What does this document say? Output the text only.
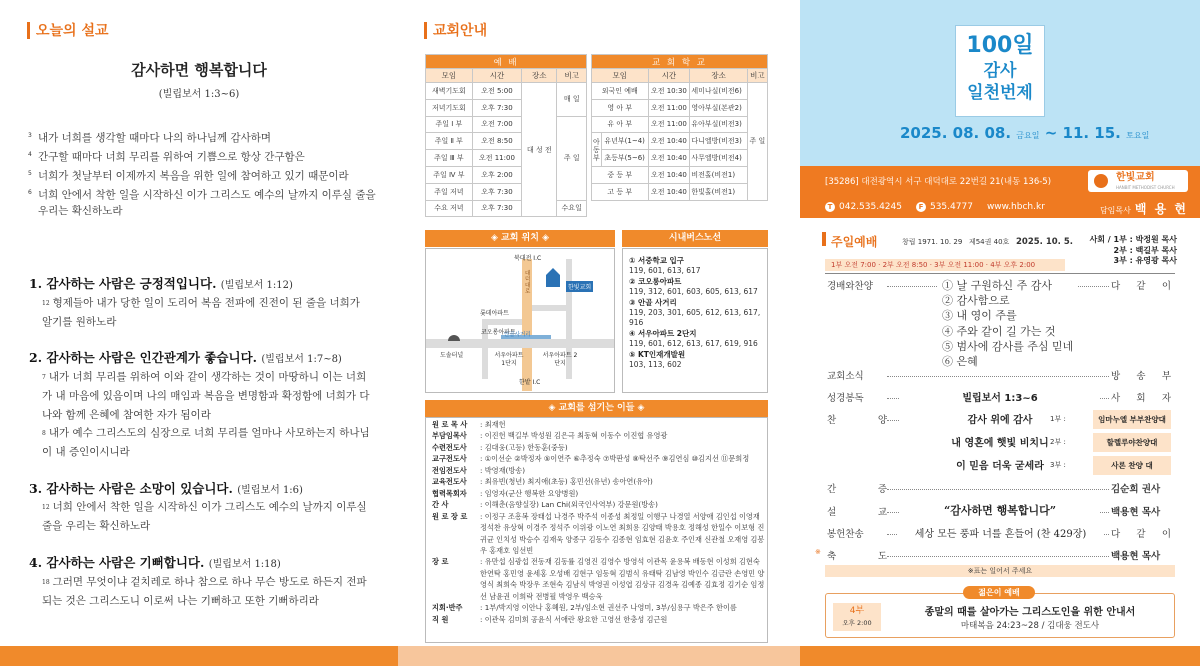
오늘의 설교
감사하면 행복합니다
(빌립보서 1:3~6)
3 내가 너희를 생각할 때마다 나의 하나님께 감사하며
4 간구할 때마다 너희 무리를 위하여 기쁨으로 항상 간구함은
5 너희가 첫날부터 이제까지 복음을 위한 일에 참여하고 있기 때문이라
6 너희 안에서 착한 일을 시작하신 이가 그리스도 예수의 날까지 이루실 줄을 우리는 확신하노라
1. 감사하는 사람은 긍정적입니다. (빌립보서 1:12)
$^{12}$ 형제들아 내가 당한 일이 도리어 복음 전파에 진전이 된 줄을 너희가 알기를 원하노라
2. 감사하는 사람은 인간관계가 좋습니다. (빌립보서 1:7~8)
$^7$ 내가 너희 무리를 위하여 이와 같이 생각하는 것이 마땅하니 이는 너희가 내 마음에 있음이며 나의 매임과 복음을 변명함과 확정함에 너희가 다 나와 함께 은혜에 참여한 자가 됨이라
$^8$ 내가 예수 그리스도의 심장으로 너희 무리를 얼마나 사모하는지 하나님이 내 증인이시니라
3. 감사하는 사람은 소망이 있습니다. (빌립보서 1:6)
$^{12}$ 너희 안에서 착한 일을 시작하신 이가 그리스도 예수의 날까지 이루실 줄을 우리는 확신하노라
4. 감사하는 사람은 기뻐합니다. (빌립보서 1:18)
$^{18}$ 그러면 무엇이냐 겉치레로 하나 참으로 하나 무슨 방도로 하든지 전파되는 것은 그리스도니 이로써 나는 기뻐하고 또한 기뻐하리라
교회안내
예 배			
모임	시간	장소	비고
새벽기도회	오전 5:00	대 성 전	매 일
저녁기도회	오후 7:30		
주일 Ⅰ 부	오전 7:00		주 일
주일 Ⅱ 부	오전 8:50		
주일 Ⅲ 부	오전 11:00		
주일 Ⅳ 부	오후 2:00		
주일 저녁	오후 7:30		
수요 저녁	오후 7:30		수요일
교 회 학 교				
모임		시간	장소	비고
외국인 예배		오전 10:30	세미나실(비전6)	주 일
영 아 부		오전 11:00	영아부실(본관2)	
유 아 부		오전 11:00	유아부실(비전3)	
아동부	유년부(1~4)	오전 10:40	다니엘방(비전3)	
	초등부(5~6)	오전 10:40	사무엘방(비전4)	
중 등 부		오전 10:40	비전홀(비전1)	
고 등 부		오전 10:40	한빛홀(비전1)	
◈ 교회 위치 ◈
북대전 I.C
대덕대로
한빛교회
롯데아파트
코오롱아파트
안골사거리
도솔터널	서우아파트 1단지
서우아파트 2단지
한밭 I.C
시내버스노선
① 서중학교 입구
119, 601, 613, 617
② 코오롱아파트
119, 312, 601, 603, 605, 613, 617
③ 안골 사거리
119, 203, 301, 605, 612, 613, 617, 916
④ 서우아파트 2단지
119, 601, 612, 613, 617, 619, 916
⑤ KT인재개발원
103, 113, 602
◈ 교회를 섬기는 이들 ◈
원 로 목 사	: 최재헌
부담임목사	: 이진헌 백길부 박성원 김은극 최동혁 이동수 이진협 유영광
수련전도사	: 김대웅(고등) 한동훈(중등)
교구전도사	: ①이선순 ②박정자 ⑤이연주 ⑥추정숙 ⑦박판성 ⑧탁선주 ⑨김연심 ⑩김지선 ⑪문희정
전임전도사	: 박영재(방송)
교육전도사	: 최유빈(청년) 최지애(초등) 홍민선(유년) 송아연(유아)
협력목회자	: 임영자(군산 행복한 요양병원)
간 사	: 이해춘(음향실장) Lan Chi(외국인사역부) 강문원(방송)
원 로 장 로	: 이정구 조흥복 장태섭 나경주 박주석 이종성 최정일 이행구 나경열 서양애 김인섭 이영재 정석찬 유상혁 이경주 정석주 이위광 이노연 최희용 김양태 박용호 정해성 한일수 이보형 진귀균 인치성 박승수 김재욱 양종구 김동수 김종현 임효현 김윤호 주인재 신관철 오재영 김봉우 홍재호 임선빈
장 로	: 유만섭 심광섭 전동재 김동률 김영진 김영수 방영석 이관목 윤용복 배동현 이성희 김현숙 한연탁 홍민영 윤세홍 오성배 김현구 임동혁 김범식 유태탁 김남영 박인수 김금란 손영민 양영식 최희숙 박장우 조현숙 김남식 박영권 이성엽 김상규 김경옥 김예종 김효정 김기순 임정선 남윤권 이희락 전병필 박영우 백승욱
지회·반주	: 1부/박지영 이안나 홍혜원, 2부/임소현 권선주 나영미, 3부/심용구 박은주 한이름
직 원	: 이관묵 김미희 공윤식 서애란 왕요한 고영선 한충성 김근원
100일
감사
일천번제
2025. 08. 08. 금요일 ~ 11. 15. 토요일
[35286] 대전광역시 서구 대덕대로 22번길 21(내동 136-5)	한빛교회
HANBIT METHODIST CHURCH
T 042.535.4245	F 535.4777 www.hbch.kr	담임목사 백 용 현
주일예배	창립 1971. 10. 29 제54권 40호 2025. 10. 5.	사회 / 1부 : 박정원 목사
2부 : 백길부 목사
3부 : 유영광 목사
1부 오전 7:00 · 2부 오전 8:50 · 3부 오전 11:00 · 4부 오후 2:00
경배와찬양	다 같 이
① 날 구원하신 주 감사
② 감사함으로
③ 내 영이 주를
④ 주와 같이 길 가는 것
⑤ 범사에 감사를 주심 믿네
⑥ 은혜
교회소식	방 송 부
성경봉독	빌립보서 1:3~6	사 회 자
찬 양	감사 위에 감사	1부 :	임마누엘 부부찬양대
내 영혼에 햇빛 비치니 2부 :	할렐루야찬양대
이 믿음 더욱 굳세라 3부 :	사론 찬양 대
간 증	김순희 권사
설 교	“감사하면 행복합니다”	백용현 목사
봉헌찬송	세상 모든 풍파 너를 흔들어 (찬 429장)	다 같 이
※ 축 도	백용현 목사
※표는 일어서 주세요
젊은이 예배
4부
오후 2:00
종말의 때를 살아가는 그리스도인을 위한 안내서
마태복음 24:23~28 / 김대웅 전도사
